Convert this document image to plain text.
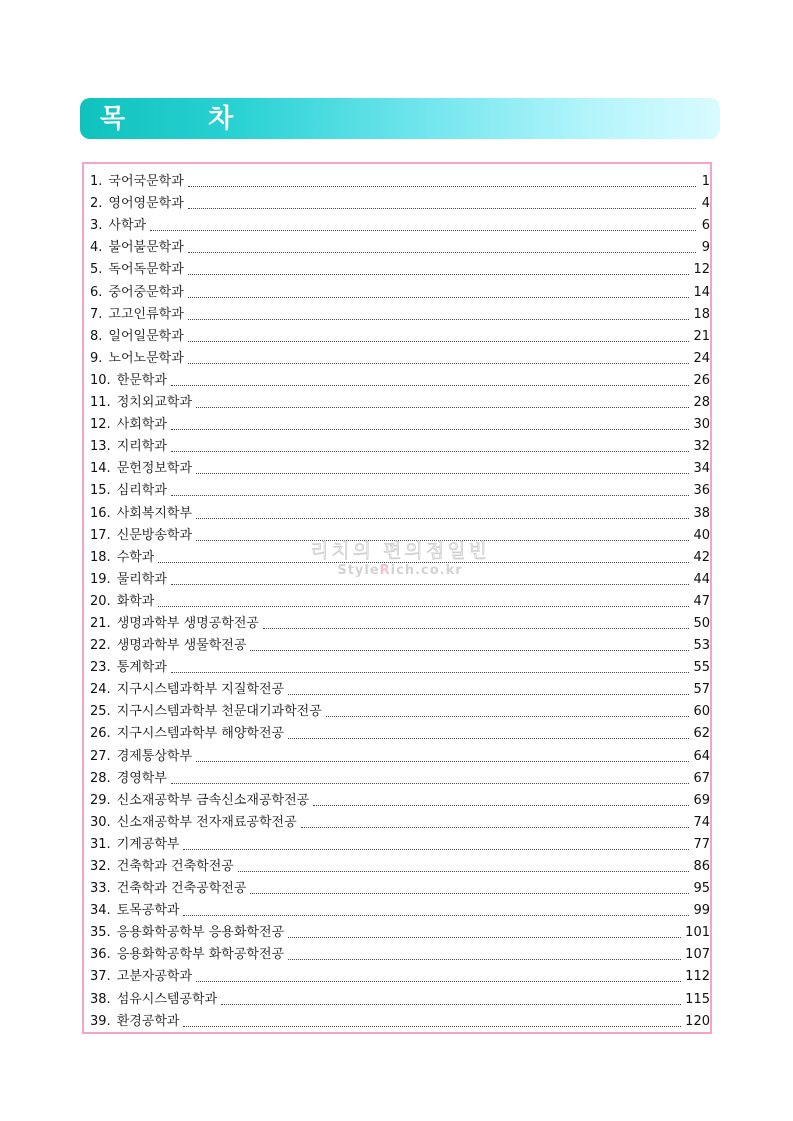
목 차
1. 국어국문학과	1
2. 영어영문학과	4
3. 사학과	6
4. 불어불문학과	9
5. 독어독문학과	12
6. 중어중문학과	14
7. 고고인류학과	18
8. 일어일문학과	21
9. 노어노문학과	24
10. 한문학과	26
11. 정치외교학과	28
12. 사회학과	30
13. 지리학과	32
14. 문헌정보학과	34
15. 심리학과	36
16. 사회복지학부	38
17. 신문방송학과	40
18. 수학과	42
19. 물리학과	44
20. 화학과	47
21. 생명과학부 생명공학전공	50
22. 생명과학부 생물학전공	53
23. 통계학과	55
24. 지구시스템과학부 지질학전공	57
25. 지구시스템과학부 천문대기과학전공	60
26. 지구시스템과학부 해양학전공	62
27. 경제통상학부	64
28. 경영학부	67
29. 신소재공학부 금속신소재공학전공	69
30. 신소재공학부 전자재료공학전공	74
31. 기계공학부	77
32. 건축학과 건축학전공	86
33. 건축학과 건축공학전공	95
34. 토목공학과	99
35. 응용화학공학부 응용화학전공	101
36. 응용화학공학부 화학공학전공	107
37. 고분자공학과	112
38. 섬유시스템공학과	115
39. 환경공학과	120
리치의 편의점일빈
StyleRich.co.kr
